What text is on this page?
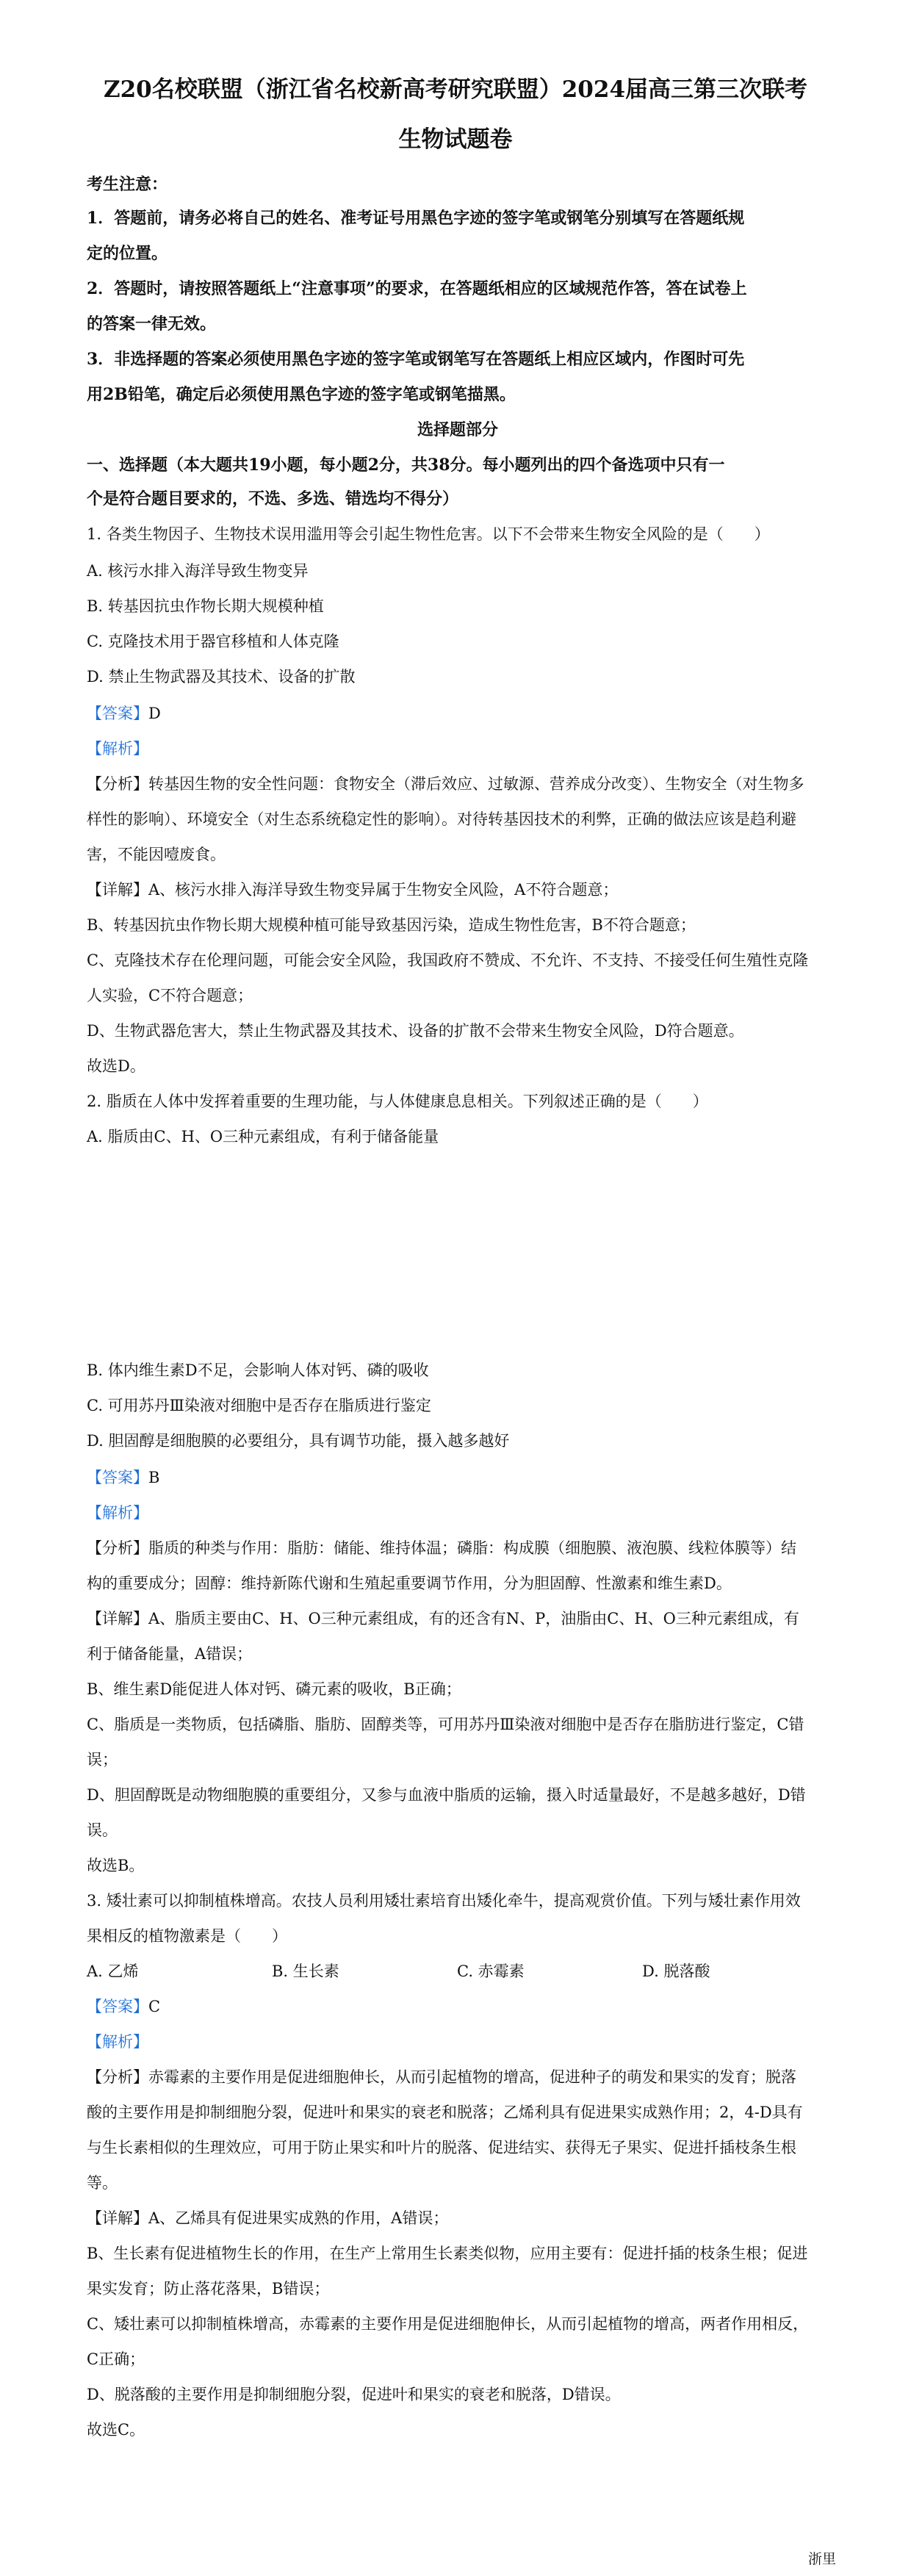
Z20名校联盟（浙江省名校新高考研究联盟）2024届高三第三次联考
生物试题卷
考生注意：
1．答题前，请务必将自己的姓名、准考证号用黑色字迹的签字笔或钢笔分别填写在答题纸规
定的位置。
2．答题时，请按照答题纸上“注意事项”的要求，在答题纸相应的区域规范作答，答在试卷上
的答案一律无效。
3．非选择题的答案必须使用黑色字迹的签字笔或钢笔写在答题纸上相应区域内，作图时可先
用2B铅笔，确定后必须使用黑色字迹的签字笔或钢笔描黑。
选择题部分
一、选择题（本大题共19小题，每小题2分，共38分。每小题列出的四个备选项中只有一
个是符合题目要求的，不选、多选、错选均不得分）
1. 各类生物因子、生物技术误用滥用等会引起生物性危害。以下不会带来生物安全风险的是（　　）
A. 核污水排入海洋导致生物变异
B. 转基因抗虫作物长期大规模种植
C. 克隆技术用于器官移植和人体克隆
D. 禁止生物武器及其技术、设备的扩散
【答案】D
【解析】
【分析】转基因生物的安全性问题：食物安全（滞后效应、过敏源、营养成分改变）、生物安全（对生物多
样性的影响）、环境安全（对生态系统稳定性的影响）。对待转基因技术的利弊，正确的做法应该是趋利避
害，不能因噎废食。
【详解】A、核污水排入海洋导致生物变异属于生物安全风险，A不符合题意；
B、转基因抗虫作物长期大规模种植可能导致基因污染，造成生物性危害，B不符合题意；
C、克隆技术存在伦理问题，可能会安全风险，我国政府不赞成、不允许、不支持、不接受任何生殖性克隆
人实验，C不符合题意；
D、生物武器危害大，禁止生物武器及其技术、设备的扩散不会带来生物安全风险，D符合题意。
故选D。
2. 脂质在人体中发挥着重要的生理功能，与人体健康息息相关。下列叙述正确的是（　　）
A. 脂质由C、H、O三种元素组成，有利于储备能量
B. 体内维生素D不足，会影响人体对钙、磷的吸收
C. 可用苏丹Ⅲ染液对细胞中是否存在脂质进行鉴定
D. 胆固醇是细胞膜的必要组分，具有调节功能，摄入越多越好
【答案】B
【解析】
【分析】脂质的种类与作用：脂肪：储能、维持体温；磷脂：构成膜（细胞膜、液泡膜、线粒体膜等）结
构的重要成分；固醇：维持新陈代谢和生殖起重要调节作用，分为胆固醇、性激素和维生素D。
【详解】A、脂质主要由C、H、O三种元素组成，有的还含有N、P，油脂由C、H、O三种元素组成，有
利于储备能量，A错误；
B、维生素D能促进人体对钙、磷元素的吸收，B正确；
C、脂质是一类物质，包括磷脂、脂肪、固醇类等，可用苏丹Ⅲ染液对细胞中是否存在脂肪进行鉴定，C错
误；
D、胆固醇既是动物细胞膜的重要组分，又参与血液中脂质的运输，摄入时适量最好，不是越多越好，D错
误。
故选B。
3. 矮壮素可以抑制植株增高。农技人员利用矮壮素培育出矮化牵牛，提高观赏价值。下列与矮壮素作用效
果相反的植物激素是（　　）
A. 乙烯	B. 生长素	C. 赤霉素	D. 脱落酸
【答案】C
【解析】
【分析】赤霉素的主要作用是促进细胞伸长，从而引起植物的增高，促进种子的萌发和果实的发育；脱落
酸的主要作用是抑制细胞分裂，促进叶和果实的衰老和脱落；乙烯利具有促进果实成熟作用；2，4-D具有
与生长素相似的生理效应，可用于防止果实和叶片的脱落、促进结实、获得无子果实、促进扦插枝条生根
等。
【详解】A、乙烯具有促进果实成熟的作用，A错误；
B、生长素有促进植物生长的作用，在生产上常用生长素类似物，应用主要有：促进扦插的枝条生根；促进
果实发育；防止落花落果，B错误；
C、矮壮素可以抑制植株增高，赤霉素的主要作用是促进细胞伸长，从而引起植物的增高，两者作用相反，
C正确；
D、脱落酸的主要作用是抑制细胞分裂，促进叶和果实的衰老和脱落，D错误。
故选C。
浙里
